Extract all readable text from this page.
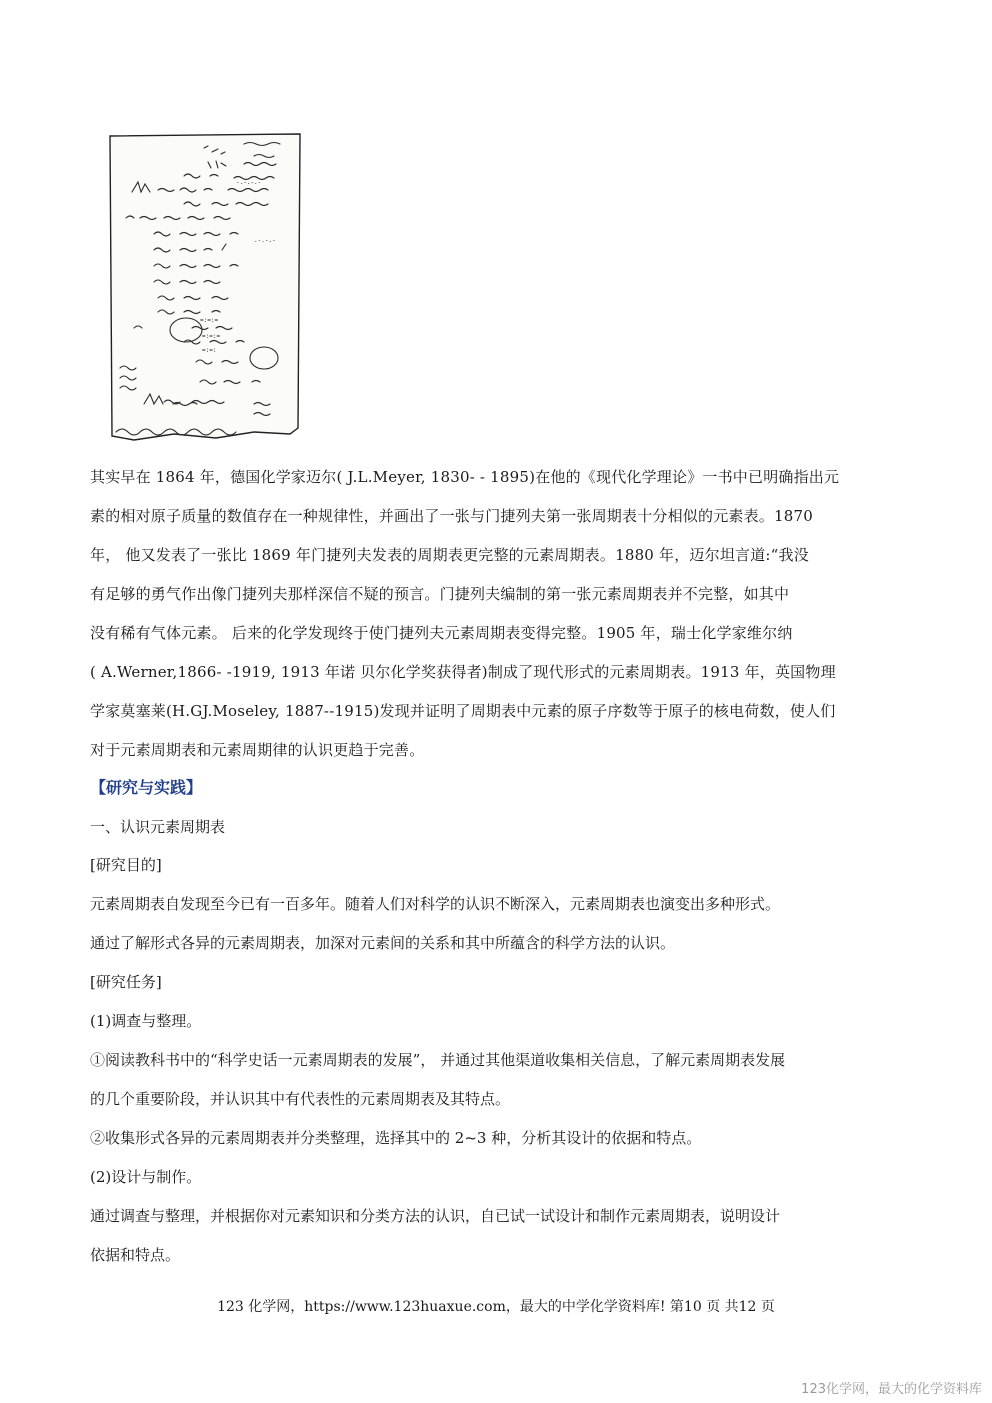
-.-.-.-
.-.-.-
=:=:=
=:=:=
=:=:
其实早在 1864 年，德国化学家迈尔( J.L.Meyer, 1830- - 1895)在他的《现代化学理论》一书中已明确指出元
素的相对原子质量的数值存在一种规律性，并画出了一张与门捷列夫第一张周期表十分相似的元素表。1870
年， 他又发表了一张比 1869 年门捷列夫发表的周期表更完整的元素周期表。1880 年，迈尔坦言道:“我没
有足够的勇气作出像门捷列夫那样深信不疑的预言。门捷列夫编制的第一张元素周期表并不完整，如其中
没有稀有气体元素。 后来的化学发现终于使门捷列夫元素周期表变得完整。1905 年，瑞士化学家维尔纳
( A.Werner,1866- -1919, 1913 年诺 贝尔化学奖获得者)制成了现代形式的元素周期表。1913 年，英国物理
学家莫塞莱(H.GJ.Moseley, 1887--1915)发现并证明了周期表中元素的原子序数等于原子的核电荷数，使人们
对于元素周期表和元素周期律的认识更趋于完善。
【研究与实践】
一、认识元素周期表
[研究目的]
元素周期表自发现至今已有一百多年。随着人们对科学的认识不断深入，元素周期表也演变出多种形式。
通过了解形式各异的元素周期表，加深对元素间的关系和其中所蕴含的科学方法的认识。
[研究任务]
(1)调查与整理。
①阅读教科书中的“科学史话一元素周期表的发展”， 并通过其他渠道收集相关信息，了解元素周期表发展
的几个重要阶段，并认识其中有代表性的元素周期表及其特点。
②收集形式各异的元素周期表并分类整理，选择其中的 2~3 种，分析其设计的依据和特点。
(2)设计与制作。
通过调查与整理，并根据你对元素知识和分类方法的认识，自已试一试设计和制作元素周期表，说明设计
依据和特点。
123 化学网，https://www.123huaxue.com，最大的中学化学资料库! 第10 页 共12 页
123化学网，最大的化学资料库
